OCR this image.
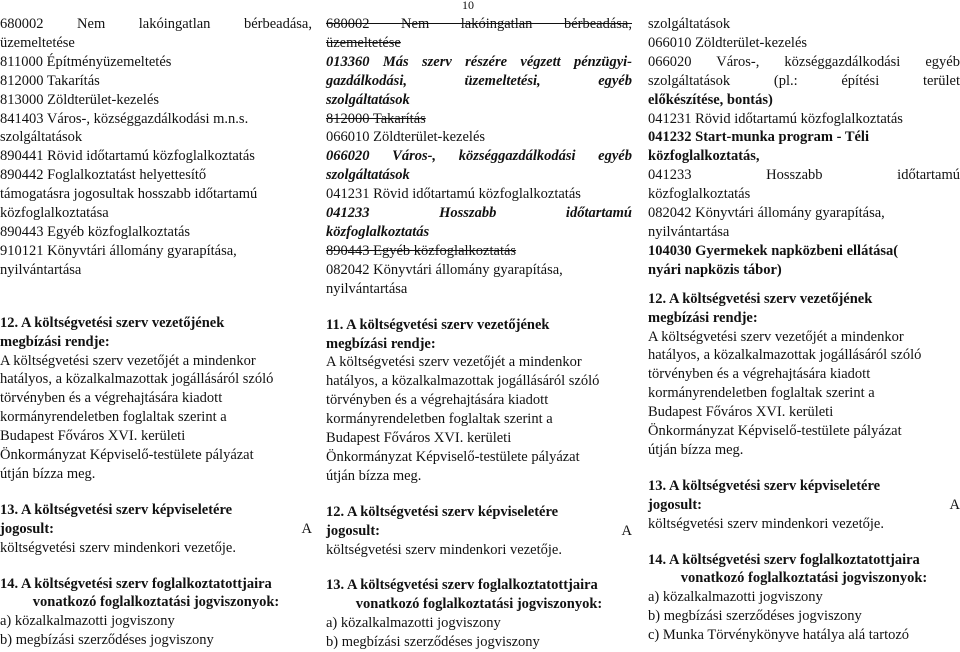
10
680002 Nem lakóingatlan bérbeadása,
üzemeltetése
811000 Építményüzemeltetés
812000 Takarítás
813000 Zöldterület-kezelés
841403 Város-, községgazdálkodási m.n.s.
szolgáltatások
890441 Rövid időtartamú közfoglalkoztatás
890442 Foglalkoztatást helyettesítő
támogatásra jogosultak hosszabb időtartamú
közfoglalkoztatása
890443 Egyéb közfoglalkoztatás
910121 Könyvtári állomány gyarapítása,
nyilvántartása
12. A költségvetési szerv vezetőjének
megbízási rendje:
A költségvetési szerv vezetőjét a mindenkor
hatályos, a közalkalmazottak jogállásáról szóló
törvényben és a végrehajtására kiadott
kormányrendeletben foglaltak szerint a
Budapest Főváros XVI. kerületi
Önkormányzat Képviselő-testülete pályázat
útján bízza meg.
13. A költségvetési szerv képviseletére
jogosult:	A
költségvetési szerv mindenkori vezetője.
14. A költségvetési szerv foglalkoztatottjaira
vonatkozó foglalkoztatási jogviszonyok:
a) közalkalmazotti jogviszony
b) megbízási szerződéses jogviszony
680002 Nem lakóingatlan bérbeadása,
üzemeltetése
013360 Más szerv részére végzett pénzügyi-
gazdálkodási, üzemeltetési, egyéb
szolgáltatások
812000 Takarítás
066010 Zöldterület-kezelés
066020 Város-, községgazdálkodási egyéb
szolgáltatások
041231 Rövid időtartamú közfoglalkoztatás
041233 Hosszabb időtartamú
közfoglalkoztatás
890443 Egyéb közfoglalkoztatás
082042 Könyvtári állomány gyarapítása,
nyilvántartása
11. A költségvetési szerv vezetőjének
megbízási rendje:
A költségvetési szerv vezetőjét a mindenkor
hatályos, a közalkalmazottak jogállásáról szóló
törvényben és a végrehajtására kiadott
kormányrendeletben foglaltak szerint a
Budapest Főváros XVI. kerületi
Önkormányzat Képviselő-testülete pályázat
útján bízza meg.
12. A költségvetési szerv képviseletére
jogosult:	A
költségvetési szerv mindenkori vezetője.
13. A költségvetési szerv foglalkoztatottjaira
vonatkozó foglalkoztatási jogviszonyok:
a) közalkalmazotti jogviszony
b) megbízási szerződéses jogviszony
szolgáltatások
066010 Zöldterület-kezelés
066020 Város-, községgazdálkodási egyéb
szolgáltatások (pl.: építési terület
előkészítése, bontás)
041231 Rövid időtartamú közfoglalkoztatás
041232 Start-munka program - Téli
közfoglalkoztatás,
041233 Hosszabb időtartamú
közfoglalkoztatás
082042 Könyvtári állomány gyarapítása,
nyilvántartása
104030 Gyermekek napközbeni ellátása(
nyári napközis tábor)
12. A költségvetési szerv vezetőjének
megbízási rendje:
A költségvetési szerv vezetőjét a mindenkor
hatályos, a közalkalmazottak jogállásáról szóló
törvényben és a végrehajtására kiadott
kormányrendeletben foglaltak szerint a
Budapest Főváros XVI. kerületi
Önkormányzat Képviselő-testülete pályázat
útján bízza meg.
13. A költségvetési szerv képviseletére
jogosult:	A
költségvetési szerv mindenkori vezetője.
14. A költségvetési szerv foglalkoztatottjaira
vonatkozó foglalkoztatási jogviszonyok:
a) közalkalmazotti jogviszony
b) megbízási szerződéses jogviszony
c) Munka Törvénykönyve hatálya alá tartozó
